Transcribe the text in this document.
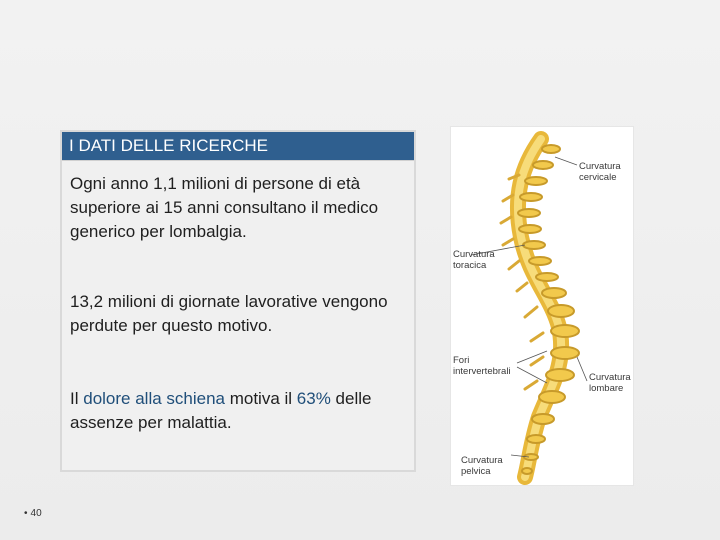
I DATI DELLE RICERCHE
Ogni anno 1,1 milioni di persone di età superiore ai 15 anni consultano il medico generico per lombalgia.
13,2 milioni di giornate lavorative vengono perdute per questo motivo.
Il dolore alla schiena motiva il 63% delle assenze per malattia.
Curvatura
cervicale
Curvatura
toracica
Fori
intervertebrali
Curvatura
lombare
Curvatura
pelvica
• 40
